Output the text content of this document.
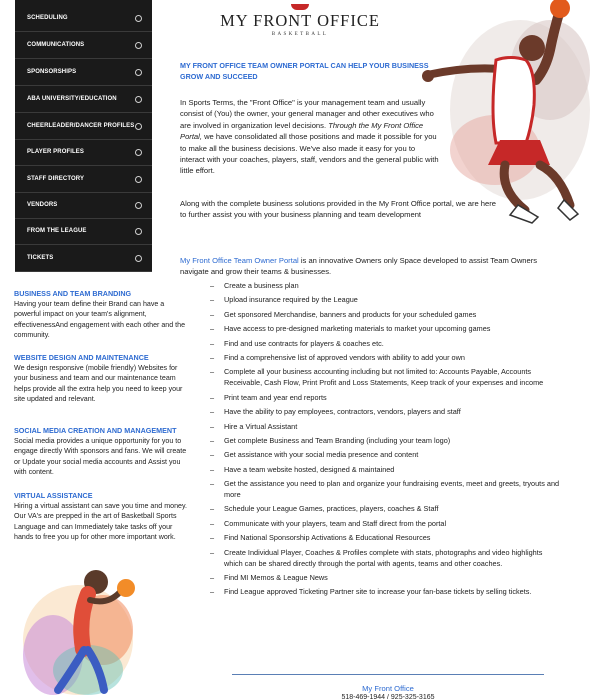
SCHEDULING
COMMUNICATIONS
SPONSORSHIPS
ABA UNIVERSITY/EDUCATION
CHEERLEADER/DANCER PROFILES
PLAYER PROFILES
STAFF DIRECTORY
VENDORS
FROM THE LEAGUE
TICKETS
MY FRONT OFFICE
BASKETBALL
MY FRONT OFFICE TEAM OWNER PORTAL CAN HELP YOUR BUSINESS GROW AND SUCCEED
In Sports Terms, the "Front Office" is your management team and usually consist of (You) the owner, your general manager and other executives who are involved in organization level decisions. Through the My Front Office Portal, we have consolidated all those positions and made it possible for you to make all the business decisions. We've also made it easy for you to interact with your coaches, players, staff, vendors and the general public with little effort.
Along with the complete business solutions provided in the My Front Office portal, we are here to further assist you with your business planning and team development
My Front Office Team Owner Portal is an innovative Owners only Space developed to assist Team Owners navigate and grow their teams & businesses.
– Create a business plan
– Upload insurance required by the League
– Get sponsored Merchandise, banners and products for your scheduled games
– Have access to pre-designed marketing materials to market your upcoming games
– Find and use contracts for players & coaches etc.
– Find a comprehensive list of approved vendors with ability to add your own
– Complete all your business accounting including but not limited to: Accounts Payable, Accounts Receivable, Cash Flow, Print Profit and Loss Statements, Keep track of your expenses and income
– Print team and year end reports
– Have the ability to pay employees, contractors, vendors, players and staff
– Hire a Virtual Assistant
– Get complete Business and Team Branding (including your team logo)
– Get assistance with your social media presence and content
– Have a team website hosted, designed & maintained
– Get the assistance you need to plan and organize your fundraising events, meet and greets, tryouts and more
– Schedule your League Games, practices, players, coaches & Staff
– Communicate with your players, team and Staff direct from the portal
– Find National Sponsorship Activations & Educational Resources
– Create Individual Player, Coaches & Profiles complete with stats, photographs and video highlights which can be shared directly through the portal with agents, teams and other coaches.
– Find MI Memos & League News
– Find League approved Ticketing Partner site to increase your fan-base tickets by selling tickets.
BUSINESS AND TEAM BRANDING

Having your team define their Brand can have a powerful impact on your team's alignment, effectivenessAnd engagement with each other and the community.

WEBSITE DESIGN AND MAINTENANCE

We design responsive (mobile friendly) Websites for your business and team and our maintenance team helps provide all the extra help you need to keep your site updated and relevant.

SOCIAL MEDIA CREATION AND MANAGEMENT

Social media provides a unique opportunity for you to engage directly With sponsors and fans. We will create or Update your social media accounts and Assist you with content.

VIRTUAL ASSISTANCE

Hiring a virtual assistant can save you time and money. Our VA's are prepped in the art of Basketball Sports Language and can Immediately take tasks off your hands to free you up for other more important work.

My Front Office
518-469-1944 / 925-325-3165
